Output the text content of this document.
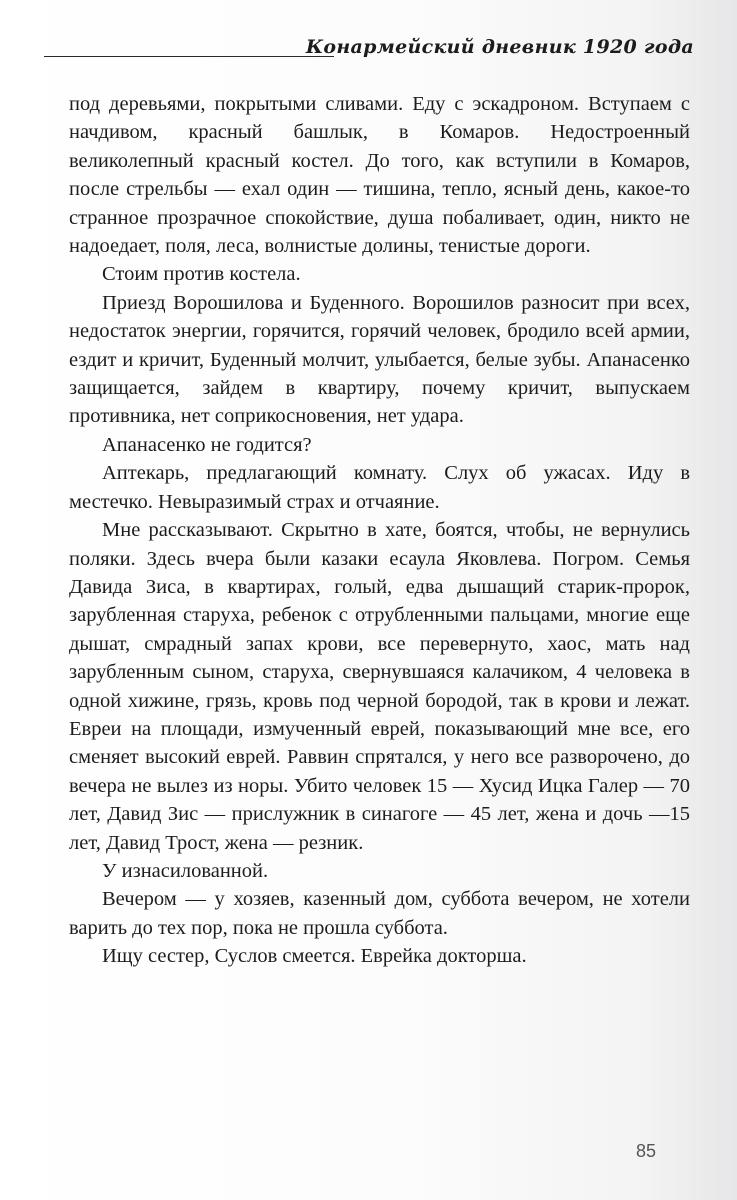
Конармейский дневник 1920 года

под деревьями, покрытыми сливами. Еду с эскадроном. Вступаем с начдивом, красный башлык, в Комаров. Недостроенный великолепный красный костел. До того, как вступили в Комаров, после стрельбы — ехал один — тишина, тепло, ясный день, какое-то странное прозрачное спокойствие, душа побаливает, один, никто не надоедает, поля, леса, волнистые долины, тенистые дороги.

Стоим против костела.

Приезд Ворошилова и Буденного. Ворошилов разносит при всех, недостаток энергии, горячится, горячий человек, бродило всей армии, ездит и кричит, Буденный молчит, улыбается, белые зубы. Апанасенко защищается, зайдем в квартиру, почему кричит, выпускаем противника, нет соприкосновения, нет удара.

Апанасенко не годится?

Аптекарь, предлагающий комнату. Слух об ужасах. Иду в местечко. Невыразимый страх и отчаяние.

Мне рассказывают. Скрытно в хате, боятся, чтобы, не вернулись поляки. Здесь вчера были казаки есаула Яковлева. Погром. Семья Давида Зиса, в квартирах, голый, едва дышащий старик-пророк, зарубленная старуха, ребенок с отрубленными пальцами, многие еще дышат, смрадный запах крови, все перевернуто, хаос, мать над зарубленным сыном, старуха, свернувшаяся калачиком, 4 человека в одной хижине, грязь, кровь под черной бородой, так в крови и лежат. Евреи на площади, измученный еврей, показывающий мне все, его сменяет высокий еврей. Раввин спрятался, у него все разворочено, до вечера не вылез из норы. Убито человек 15 — Хусид Ицка Галер — 70 лет, Давид Зис — прислужник в синагоге — 45 лет, жена и дочь —15 лет, Давид Трост, жена — резник.

У изнасилованной.

Вечером — у хозяев, казенный дом, суббота вечером, не хотели варить до тех пор, пока не прошла суббота.

Ищу сестер, Суслов смеется. Еврейка докторша.

85
